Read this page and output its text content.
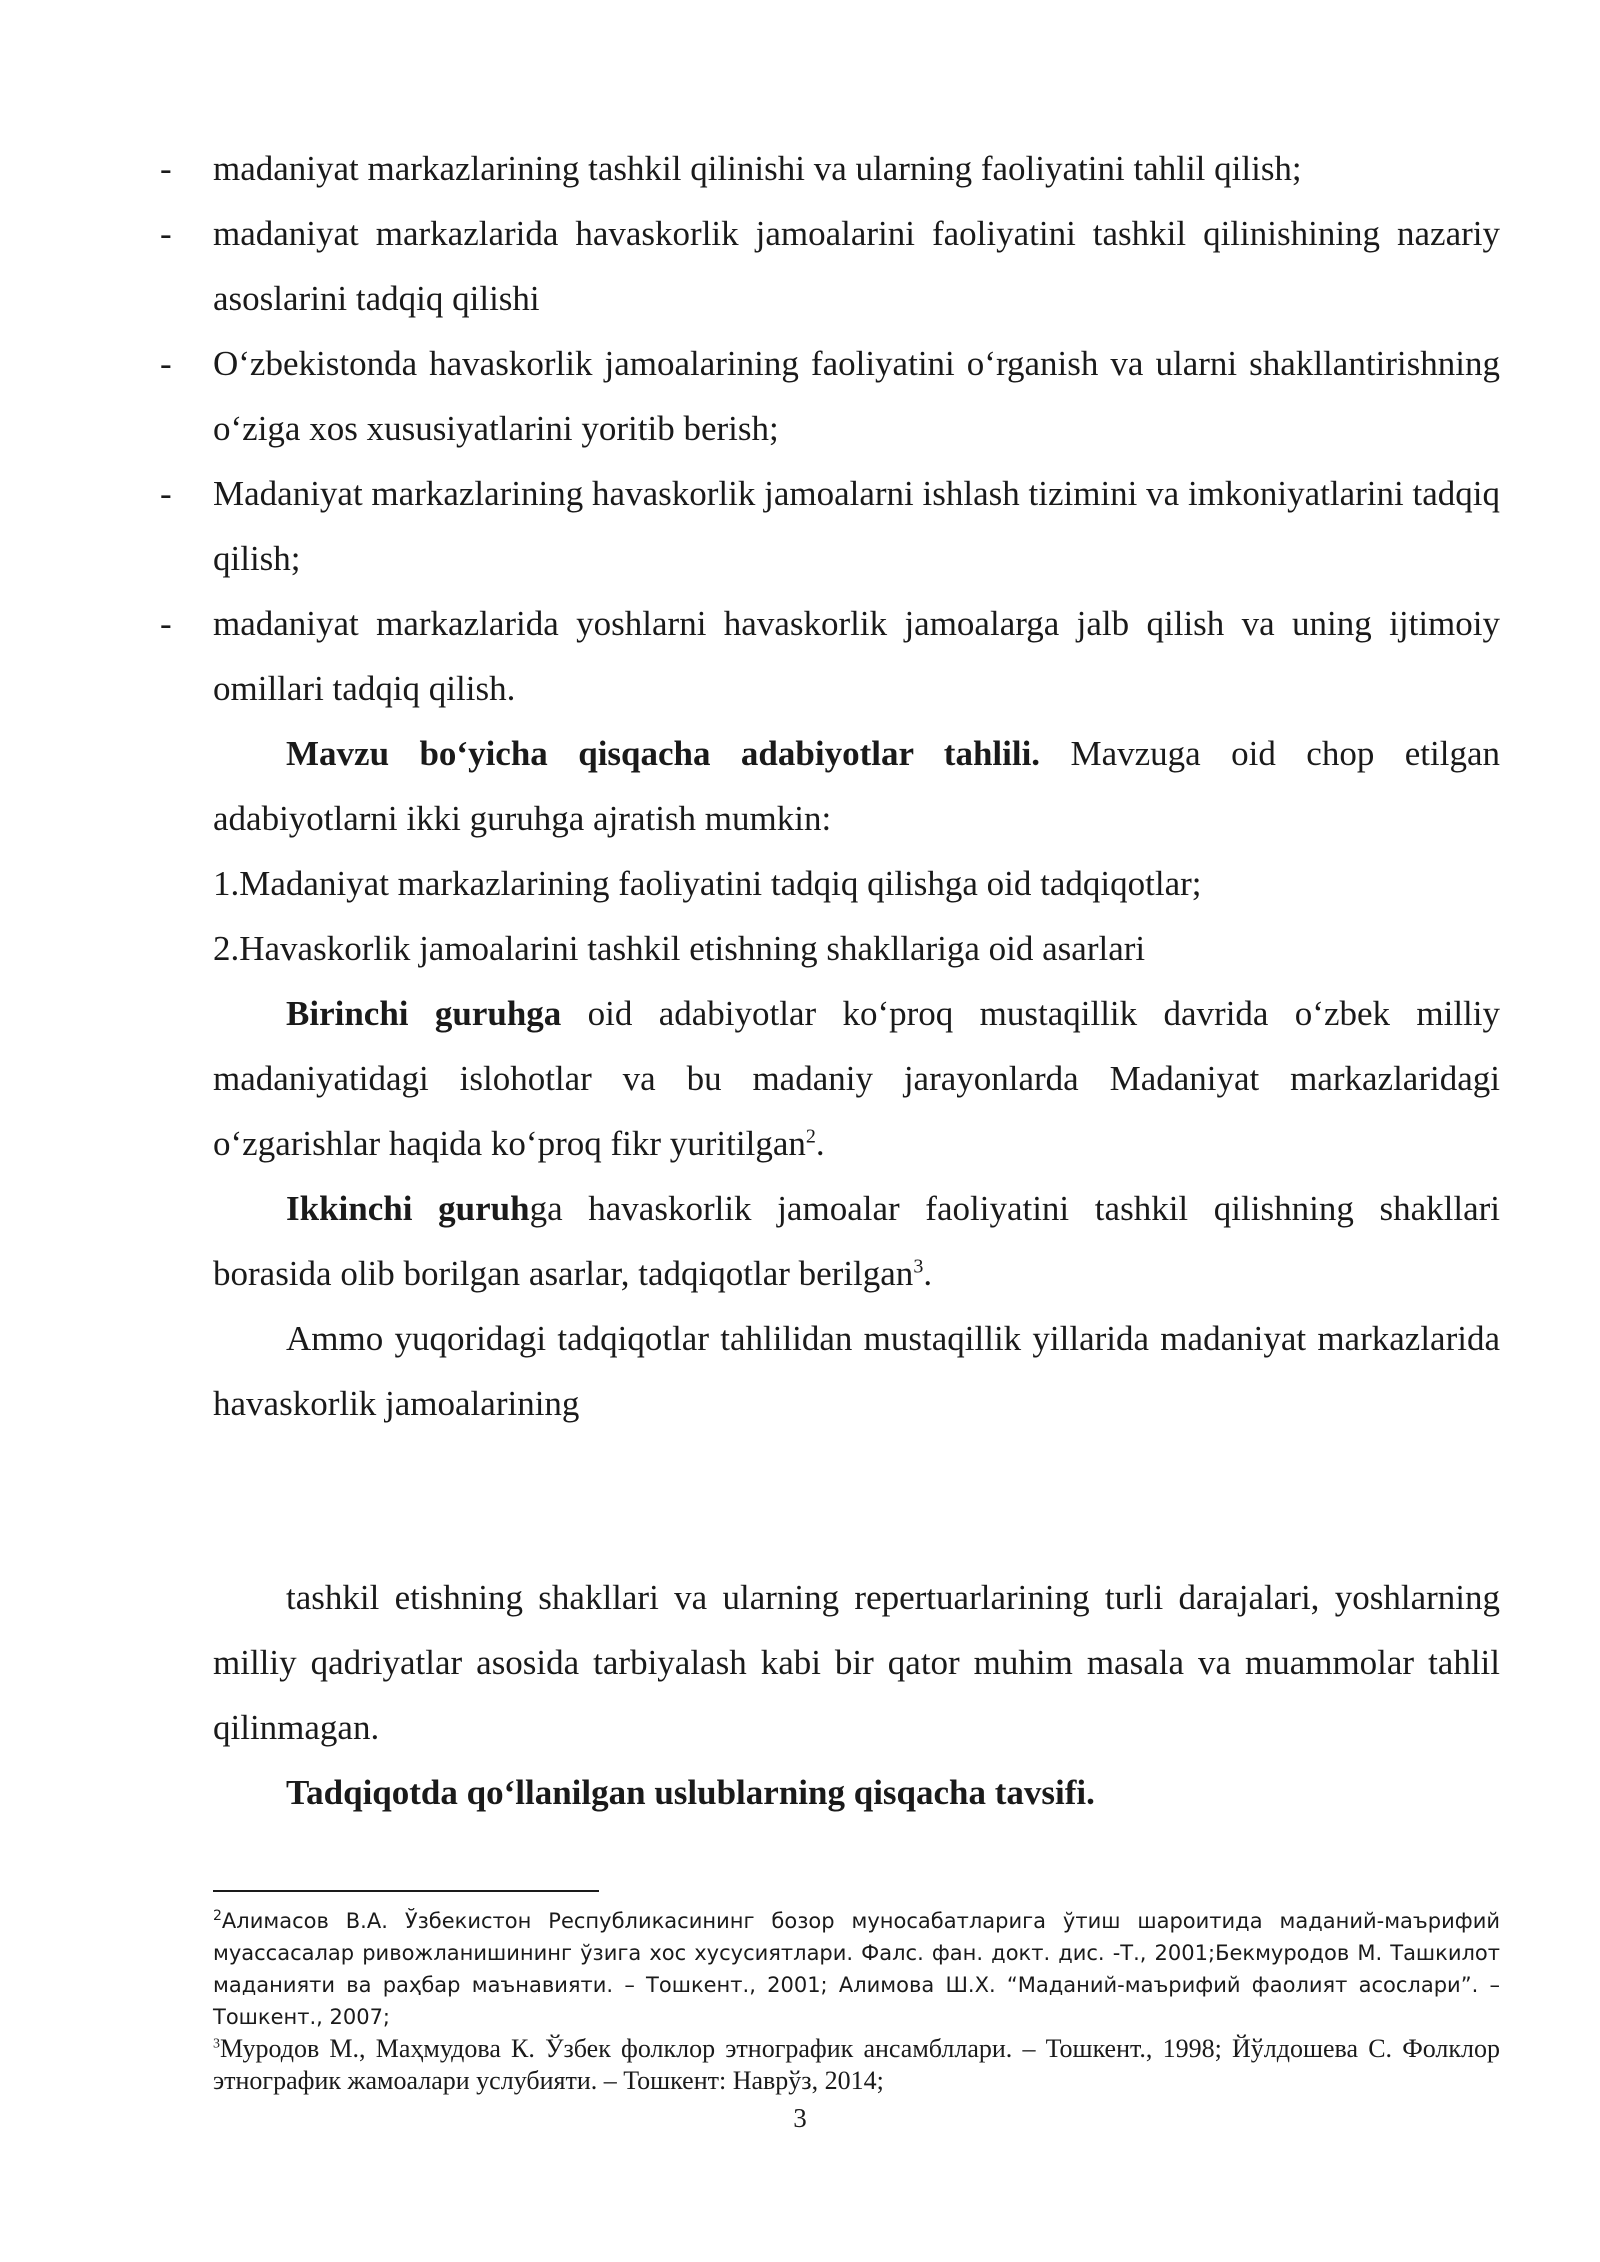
- madaniyat markazlarining tashkil qilinishi va ularning faoliyatini tahlil qilish;
- madaniyat markazlarida havaskorlik jamoalarini faoliyatini tashkil qilinishining nazariy asoslarini tadqiq qilishi
- O‘zbekistonda havaskorlik jamoalarining faoliyatini o‘rganish va ularni shakllantirishning o‘ziga xos xususiyatlarini yoritib berish;
- Madaniyat markazlarining havaskorlik jamoalarni ishlash tizimini va imkoniyatlarini tadqiq qilish;
- madaniyat markazlarida yoshlarni havaskorlik jamoalarga jalb qilish va uning ijtimoiy omillari tadqiq qilish.

Mavzu bo‘yicha qisqacha adabiyotlar tahlili. Mavzuga oid chop etilgan adabiyotlarni ikki guruhga ajratish mumkin:

1.Madaniyat markazlarining faoliyatini tadqiq qilishga oid tadqiqotlar;

2.Havaskorlik jamoalarini tashkil etishning shakllariga oid asarlari

Birinchi guruhga oid adabiyotlar ko‘proq mustaqillik davrida o‘zbek milliy madaniyatidagi islohotlar va bu madaniy jarayonlarda Madaniyat markazlaridagi o‘zgarishlar haqida ko‘proq fikr yuritilgan$^2$.

Ikkinchi guruhga havaskorlik jamoalar faoliyatini tashkil qilishning shakllari borasida olib borilgan asarlar, tadqiqotlar berilgan$^3$.

Ammo yuqoridagi tadqiqotlar tahlilidan mustaqillik yillarida madaniyat markazlarida havaskorlik jamoalarining

tashkil etishning shakllari va ularning repertuarlarining turli darajalari, yoshlarning milliy qadriyatlar asosida tarbiyalash kabi bir qator muhim masala va muammolar tahlil qilinmagan.

Tadqiqotda qo‘llanilgan uslublarning qisqacha tavsifi.

$^2$Алимасов В.А. Ўзбекистон Республикасининг бозор муносабатларига ўтиш шароитида маданий-маърифий муассасалар ривожланишининг ўзига хос хусусиятлари. Фалс. фан. докт. дис. -Т., 2001;Бекмуродов М. Ташкилот маданияти ва раҳбар маънавияти. – Тошкент., 2001; Алимова Ш.Х. “Маданий-маърифий фаолият асослари”. – Тошкент., 2007;

$^3$Муродов М., Маҳмудова К. Ўзбек фолклор этнографик ансамбллари. – Тошкент., 1998; Йўлдошева С. Фолклор этнографик жамоалари услубияти. – Тошкент: Наврўз, 2014;

3
